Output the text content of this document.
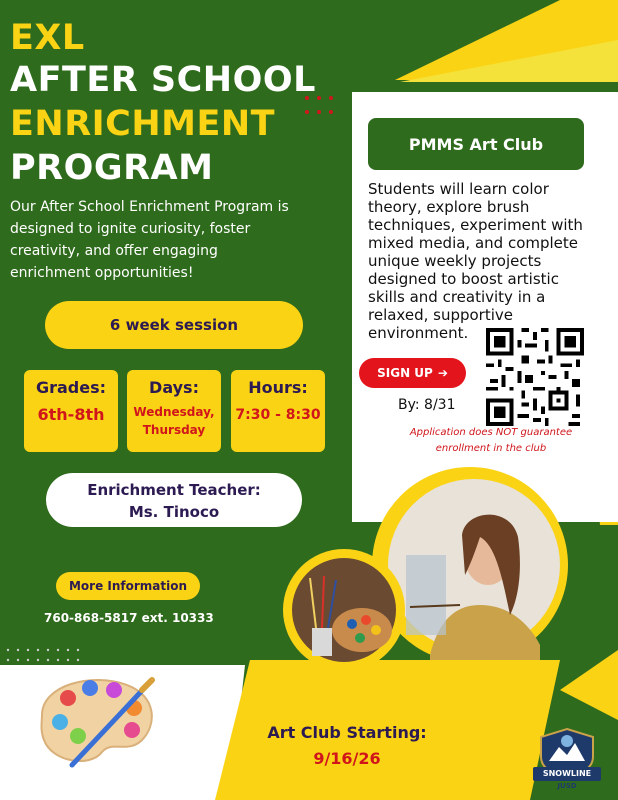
EXL
AFTER SCHOOL
ENRICHMENT
PROGRAM
Our After School Enrichment Program is designed to ignite curiosity, foster creativity, and offer engaging enrichment opportunities!
6 week session
Grades:
6th-8th
Days:
Wednesday,
Thursday
Hours:
7:30 - 8:30
Enrichment Teacher:
Ms. Tinoco
PMMS Art Club
Students will learn color theory, explore brush techniques, experiment with mixed media, and complete unique weekly projects designed to boost artistic skills and creativity in a relaxed, supportive environment.
SIGN UP ➔
By: 8/31
Application does NOT guarantee enrollment in the club
More Information
760-868-5817 ext. 10333
Art Club Starting:
9/16/26
SNOWLINE
JUSD
